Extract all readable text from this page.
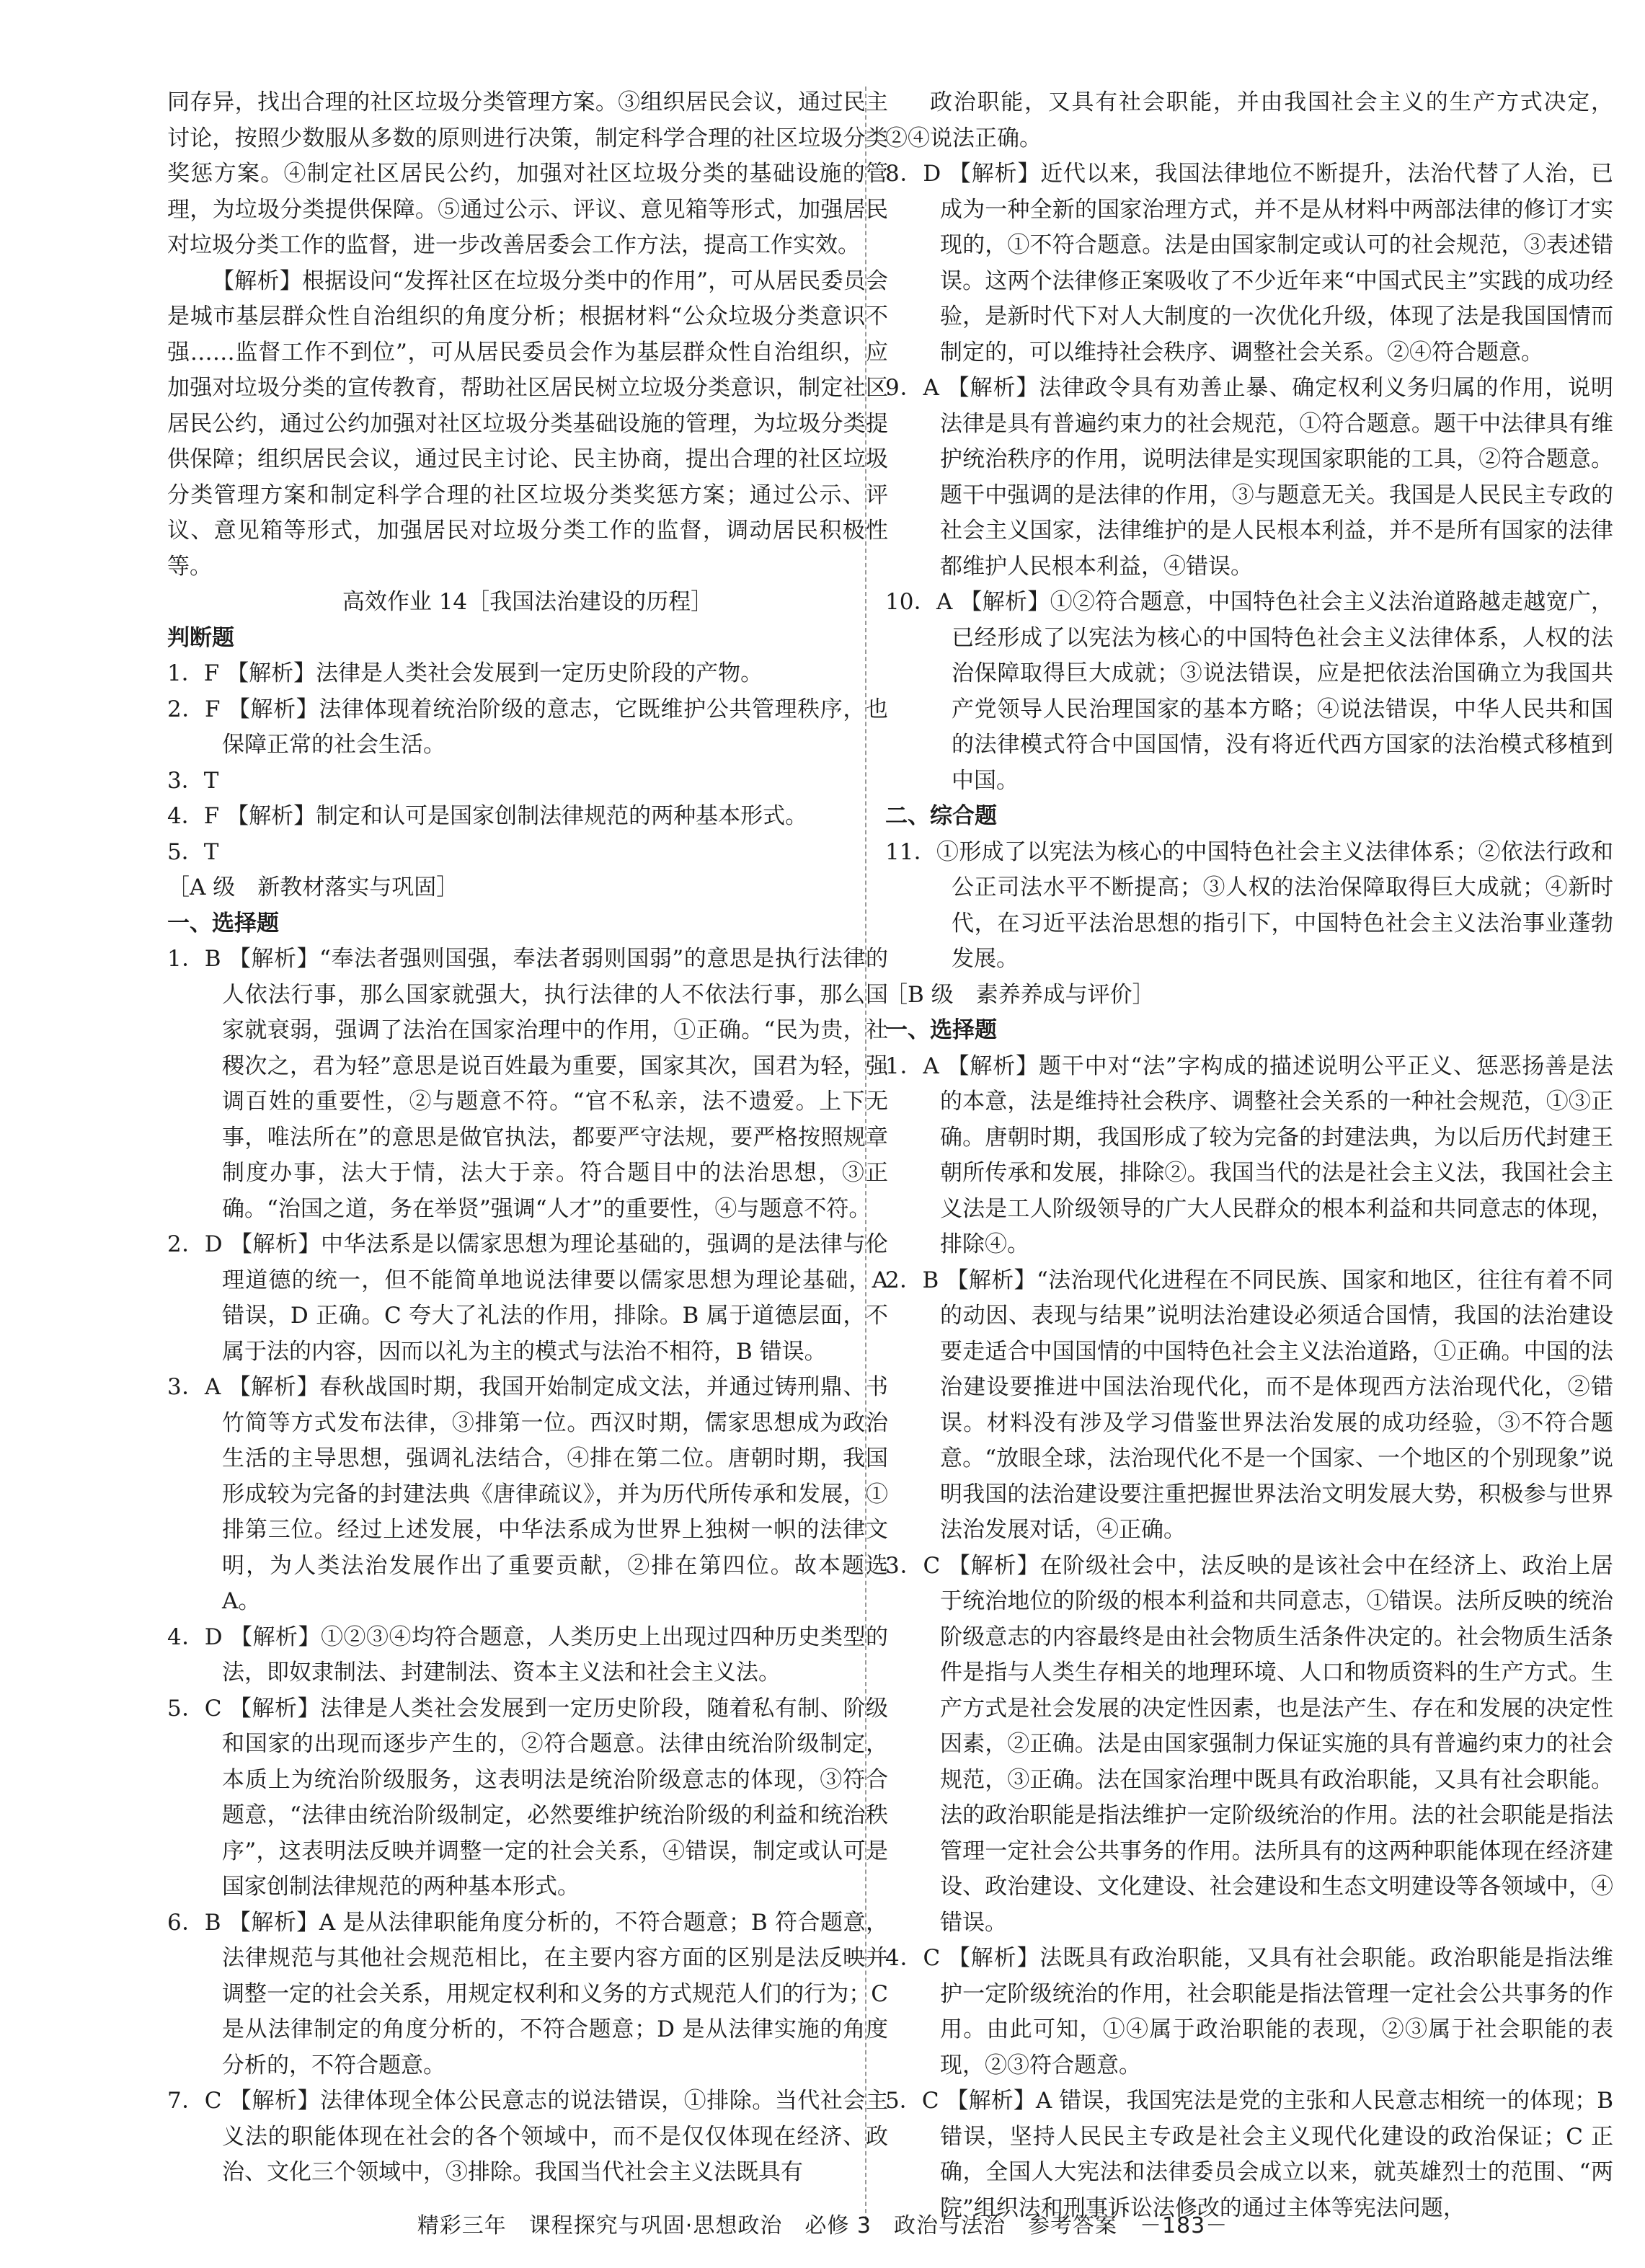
同存异，找出合理的社区垃圾分类管理方案。③组织居民会议，通过民主讨论，按照少数服从多数的原则进行决策，制定科学合理的社区垃圾分类奖惩方案。④制定社区居民公约，加强对社区垃圾分类的基础设施的管理，为垃圾分类提供保障。⑤通过公示、评议、意见箱等形式，加强居民对垃圾分类工作的监督，进一步改善居委会工作方法，提高工作实效。

【解析】根据设问“发挥社区在垃圾分类中的作用”，可从居民委员会是城市基层群众性自治组织的角度分析；根据材料“公众垃圾分类意识不强……监督工作不到位”，可从居民委员会作为基层群众性自治组织，应加强对垃圾分类的宣传教育，帮助社区居民树立垃圾分类意识，制定社区居民公约，通过公约加强对社区垃圾分类基础设施的管理，为垃圾分类提供保障；组织居民会议，通过民主讨论、民主协商，提出合理的社区垃圾分类管理方案和制定科学合理的社区垃圾分类奖惩方案；通过公示、评议、意见箱等形式，加强居民对垃圾分类工作的监督，调动居民积极性等。

高效作业 14［我国法治建设的历程］

判断题

1．F 【解析】法律是人类社会发展到一定历史阶段的产物。

2．F 【解析】法律体现着统治阶级的意志，它既维护公共管理秩序，也保障正常的社会生活。

3．T

4．F 【解析】制定和认可是国家创制法律规范的两种基本形式。

5．T

［A 级　新教材落实与巩固］

一、选择题

1．B 【解析】“奉法者强则国强，奉法者弱则国弱”的意思是执行法律的人依法行事，那么国家就强大，执行法律的人不依法行事，那么国家就衰弱，强调了法治在国家治理中的作用，①正确。“民为贵，社稷次之，君为轻”意思是说百姓最为重要，国家其次，国君为轻，强调百姓的重要性，②与题意不符。“官不私亲，法不遗爱。上下无事，唯法所在”的意思是做官执法，都要严守法规，要严格按照规章制度办事，法大于情，法大于亲。符合题目中的法治思想，③正确。“治国之道，务在举贤”强调“人才”的重要性，④与题意不符。

2．D 【解析】中华法系是以儒家思想为理论基础的，强调的是法律与伦理道德的统一，但不能简单地说法律要以儒家思想为理论基础，A 错误，D 正确。C 夸大了礼法的作用，排除。B 属于道德层面，不属于法的内容，因而以礼为主的模式与法治不相符，B 错误。

3．A 【解析】春秋战国时期，我国开始制定成文法，并通过铸刑鼎、书竹简等方式发布法律，③排第一位。西汉时期，儒家思想成为政治生活的主导思想，强调礼法结合，④排在第二位。唐朝时期，我国形成较为完备的封建法典《唐律疏议》，并为历代所传承和发展，①排第三位。经过上述发展，中华法系成为世界上独树一帜的法律文明，为人类法治发展作出了重要贡献，②排在第四位。故本题选 A。

4．D 【解析】①②③④均符合题意，人类历史上出现过四种历史类型的法，即奴隶制法、封建制法、资本主义法和社会主义法。

5．C 【解析】法律是人类社会发展到一定历史阶段，随着私有制、阶级和国家的出现而逐步产生的，②符合题意。法律由统治阶级制定，本质上为统治阶级服务，这表明法是统治阶级意志的体现，③符合题意，“法律由统治阶级制定，必然要维护统治阶级的利益和统治秩序”，这表明法反映并调整一定的社会关系，④错误，制定或认可是国家创制法律规范的两种基本形式。

6．B 【解析】A 是从法律职能角度分析的，不符合题意；B 符合题意，法律规范与其他社会规范相比，在主要内容方面的区别是法反映并调整一定的社会关系，用规定权利和义务的方式规范人们的行为；C 是从法律制定的角度分析的，不符合题意；D 是从法律实施的角度分析的，不符合题意。

7．C 【解析】法律体现全体公民意志的说法错误，①排除。当代社会主义法的职能体现在社会的各个领域中，而不是仅仅体现在经济、政治、文化三个领域中，③排除。我国当代社会主义法既具有

政治职能，又具有社会职能，并由我国社会主义的生产方式决定，②④说法正确。

8．D 【解析】近代以来，我国法律地位不断提升，法治代替了人治，已成为一种全新的国家治理方式，并不是从材料中两部法律的修订才实现的，①不符合题意。法是由国家制定或认可的社会规范，③表述错误。这两个法律修正案吸收了不少近年来“中国式民主”实践的成功经验，是新时代下对人大制度的一次优化升级，体现了法是我国国情而制定的，可以维持社会秩序、调整社会关系。②④符合题意。

9．A 【解析】法律政令具有劝善止暴、确定权利义务归属的作用，说明法律是具有普遍约束力的社会规范，①符合题意。题干中法律具有维护统治秩序的作用，说明法律是实现国家职能的工具，②符合题意。题干中强调的是法律的作用，③与题意无关。我国是人民民主专政的社会主义国家，法律维护的是人民根本利益，并不是所有国家的法律都维护人民根本利益，④错误。

10．A 【解析】①②符合题意，中国特色社会主义法治道路越走越宽广，已经形成了以宪法为核心的中国特色社会主义法律体系，人权的法治保障取得巨大成就；③说法错误，应是把依法治国确立为我国共产党领导人民治理国家的基本方略；④说法错误，中华人民共和国的法律模式符合中国国情，没有将近代西方国家的法治模式移植到中国。

二、综合题

11．①形成了以宪法为核心的中国特色社会主义法律体系；②依法行政和公正司法水平不断提高；③人权的法治保障取得巨大成就；④新时代，在习近平法治思想的指引下，中国特色社会主义法治事业蓬勃发展。

［B 级　素养养成与评价］

一、选择题

1．A 【解析】题干中对“法”字构成的描述说明公平正义、惩恶扬善是法的本意，法是维持社会秩序、调整社会关系的一种社会规范，①③正确。唐朝时期，我国形成了较为完备的封建法典，为以后历代封建王朝所传承和发展，排除②。我国当代的法是社会主义法，我国社会主义法是工人阶级领导的广大人民群众的根本利益和共同意志的体现，排除④。

2．B 【解析】“法治现代化进程在不同民族、国家和地区，往往有着不同的动因、表现与结果”说明法治建设必须适合国情，我国的法治建设要走适合中国国情的中国特色社会主义法治道路，①正确。中国的法治建设要推进中国法治现代化，而不是体现西方法治现代化，②错误。材料没有涉及学习借鉴世界法治发展的成功经验，③不符合题意。“放眼全球，法治现代化不是一个国家、一个地区的个别现象”说明我国的法治建设要注重把握世界法治文明发展大势，积极参与世界法治发展对话，④正确。

3．C 【解析】在阶级社会中，法反映的是该社会中在经济上、政治上居于统治地位的阶级的根本利益和共同意志，①错误。法所反映的统治阶级意志的内容最终是由社会物质生活条件决定的。社会物质生活条件是指与人类生存相关的地理环境、人口和物质资料的生产方式。生产方式是社会发展的决定性因素，也是法产生、存在和发展的决定性因素，②正确。法是由国家强制力保证实施的具有普遍约束力的社会规范，③正确。法在国家治理中既具有政治职能，又具有社会职能。法的政治职能是指法维护一定阶级统治的作用。法的社会职能是指法管理一定社会公共事务的作用。法所具有的这两种职能体现在经济建设、政治建设、文化建设、社会建设和生态文明建设等各领域中，④错误。

4．C 【解析】法既具有政治职能，又具有社会职能。政治职能是指法维护一定阶级统治的作用，社会职能是指法管理一定社会公共事务的作用。由此可知，①④属于政治职能的表现，②③属于社会职能的表现，②③符合题意。

5．C 【解析】A 错误，我国宪法是党的主张和人民意志相统一的体现；B 错误，坚持人民民主专政是社会主义现代化建设的政治保证；C 正确，全国人大宪法和法律委员会成立以来，就英雄烈士的范围、“两院”组织法和刑事诉讼法修改的通过主体等宪法问题，

精彩三年　课程探究与巩固·思想政治　必修 3　政治与法治　参考答案　－183－
